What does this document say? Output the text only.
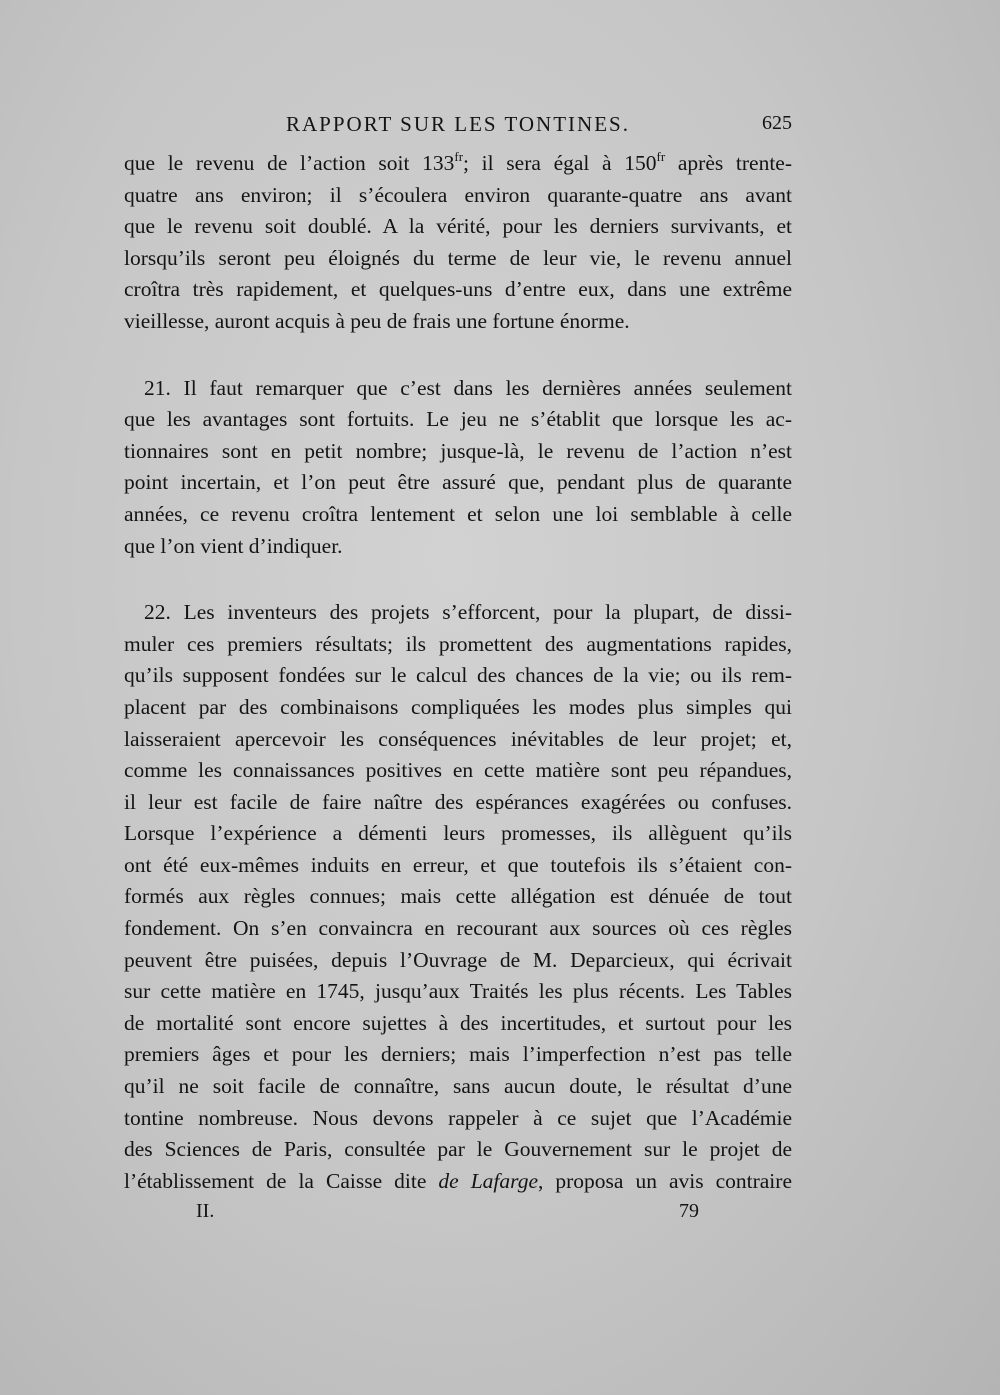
RAPPORT SUR LES TONTINES.	625
que le revenu de l’action soit $133^{fr}$; il sera égal à $150^{fr}$ après trente-
quatre ans environ; il s’écoulera environ quarante-quatre ans avant
que le revenu soit doublé. A la vérité, pour les derniers survivants, et
lorsqu’ils seront peu éloignés du terme de leur vie, le revenu annuel
croîtra très rapidement, et quelques-uns d’entre eux, dans une extrême
vieillesse, auront acquis à peu de frais une fortune énorme.
21. Il faut remarquer que c’est dans les dernières années seulement
que les avantages sont fortuits. Le jeu ne s’établit que lorsque les ac-
tionnaires sont en petit nombre; jusque-là, le revenu de l’action n’est
point incertain, et l’on peut être assuré que, pendant plus de quarante
années, ce revenu croîtra lentement et selon une loi semblable à celle
que l’on vient d’indiquer.
22. Les inventeurs des projets s’efforcent, pour la plupart, de dissi-
muler ces premiers résultats; ils promettent des augmentations rapides,
qu’ils supposent fondées sur le calcul des chances de la vie; ou ils rem-
placent par des combinaisons compliquées les modes plus simples qui
laisseraient apercevoir les conséquences inévitables de leur projet; et,
comme les connaissances positives en cette matière sont peu répandues,
il leur est facile de faire naître des espérances exagérées ou confuses.
Lorsque l’expérience a démenti leurs promesses, ils allèguent qu’ils
ont été eux-mêmes induits en erreur, et que toutefois ils s’étaient con-
formés aux règles connues; mais cette allégation est dénuée de tout
fondement. On s’en convaincra en recourant aux sources où ces règles
peuvent être puisées, depuis l’Ouvrage de M. Deparcieux, qui écrivait
sur cette matière en 1745, jusqu’aux Traités les plus récents. Les Tables
de mortalité sont encore sujettes à des incertitudes, et surtout pour les
premiers âges et pour les derniers; mais l’imperfection n’est pas telle
qu’il ne soit facile de connaître, sans aucun doute, le résultat d’une
tontine nombreuse. Nous devons rappeler à ce sujet que l’Académie
des Sciences de Paris, consultée par le Gouvernement sur le projet de
l’établissement de la Caisse dite de Lafarge, proposa un avis contraire
II.	79
